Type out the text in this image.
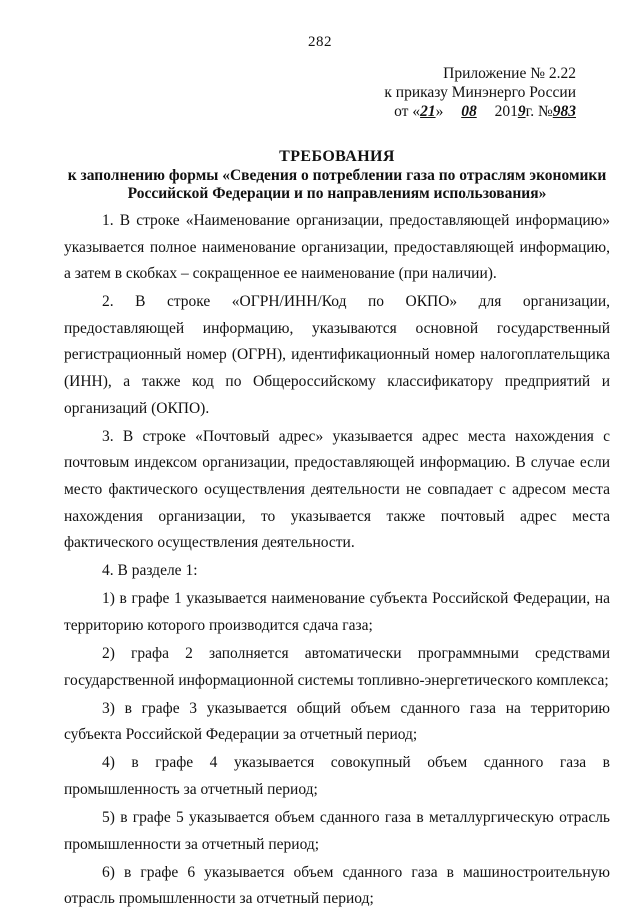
282
Приложение № 2.22
к приказу Минэнерго России
от «21» 08 2019г. №983
ТРЕБОВАНИЯ
к заполнению формы «Сведения о потреблении газа по отраслям экономики
Российской Федерации и по направлениям использования»

1. В строке «Наименование организации, предоставляющей информацию» указывается полное наименование организации, предоставляющей информацию, а затем в скобках – сокращенное ее наименование (при наличии).

2. В строке «ОГРН/ИНН/Код по ОКПО» для организации, предоставляющей информацию, указываются основной государственный регистрационный номер (ОГРН), идентификационный номер налогоплательщика (ИНН), а также код по Общероссийскому классификатору предприятий и организаций (ОКПО).

3. В строке «Почтовый адрес» указывается адрес места нахождения с почтовым индексом организации, предоставляющей информацию. В случае если место фактического осуществления деятельности не совпадает с адресом места нахождения организации, то указывается также почтовый адрес места фактического осуществления деятельности.

4. В разделе 1:

1) в графе 1 указывается наименование субъекта Российской Федерации, на территорию которого производится сдача газа;

2) графа 2 заполняется автоматически программными средствами государственной информационной системы топливно-энергетического комплекса;

3) в графе 3 указывается общий объем сданного газа на территорию субъекта Российской Федерации за отчетный период;

4) в графе 4 указывается совокупный объем сданного газа в промышленность за отчетный период;

5) в графе 5 указывается объем сданного газа в металлургическую отрасль промышленности за отчетный период;

6) в графе 6 указывается объем сданного газа в машиностроительную отрасль промышленности за отчетный период;
